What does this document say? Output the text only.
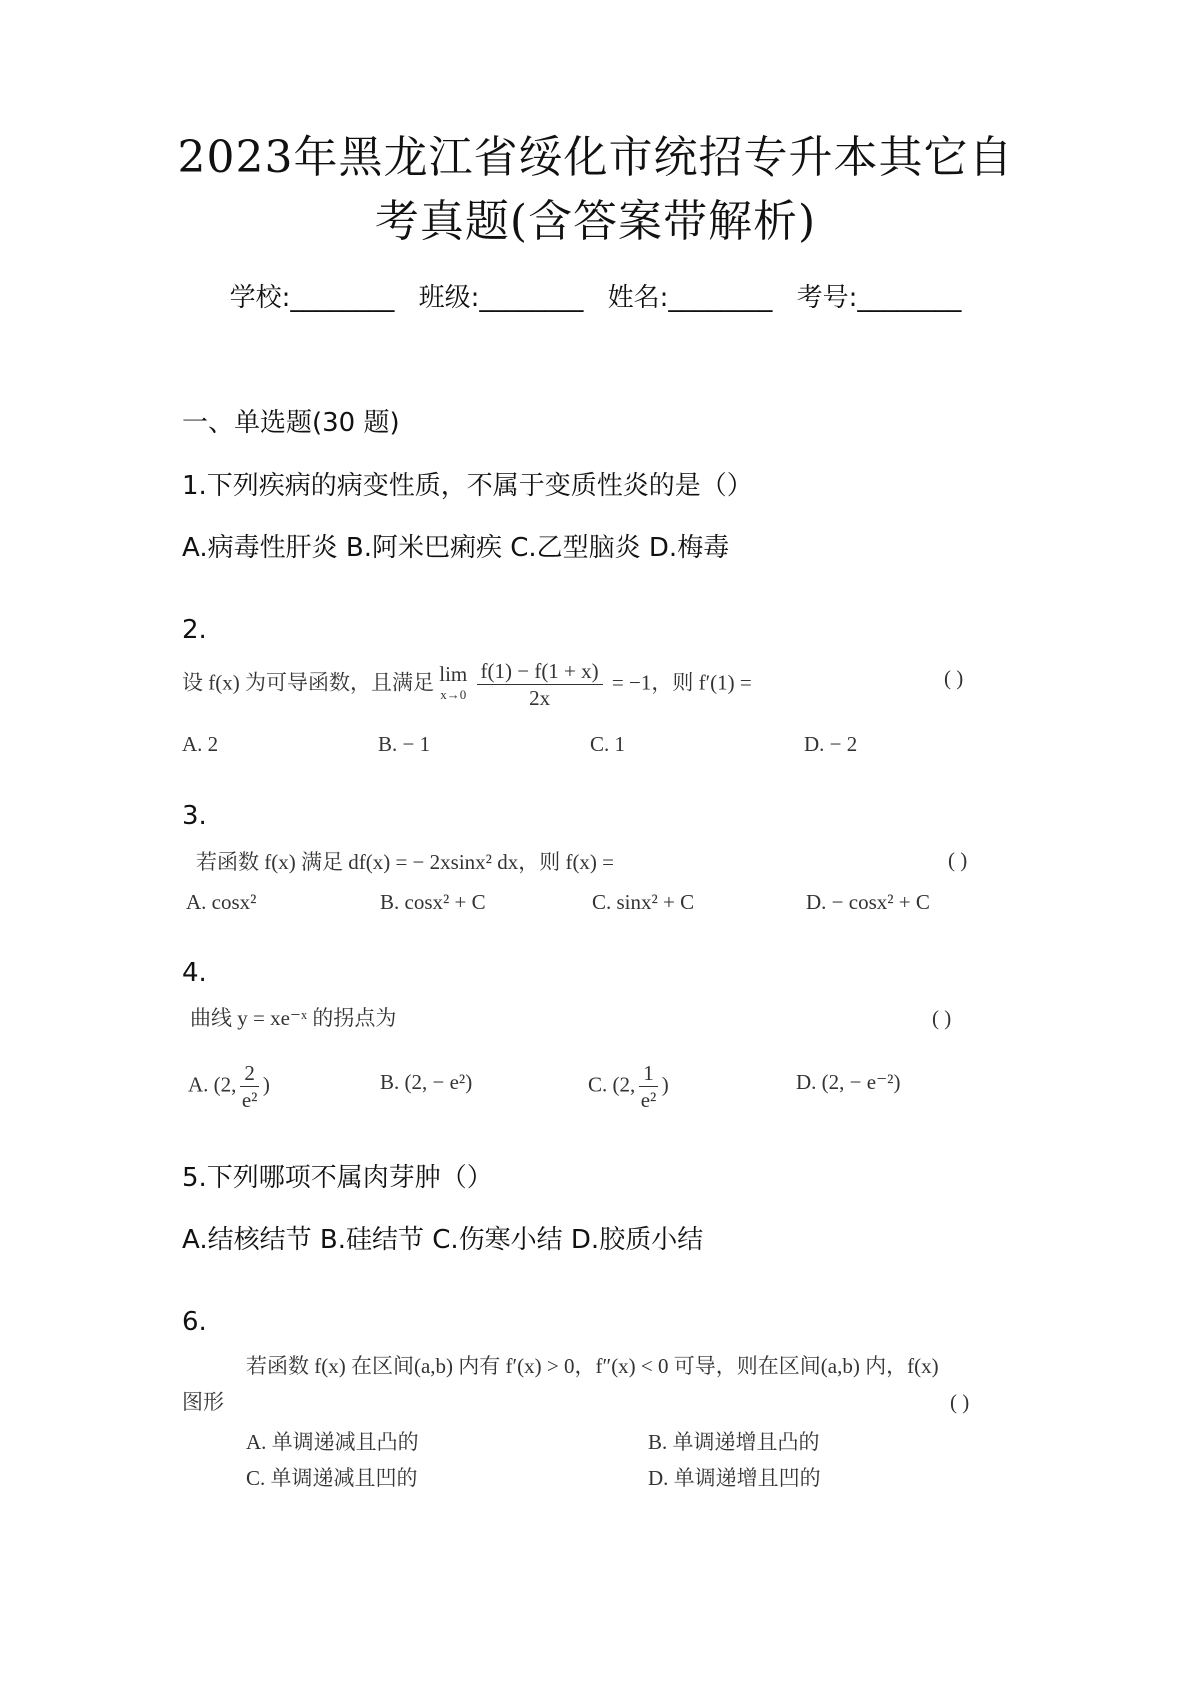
2023年黑龙江省绥化市统招专升本其它自
考真题(含答案带解析)
学校:________ 班级:________ 姓名:________ 考号:________
一、单选题(30 题)
1.下列疾病的病变性质，不属于变质性炎的是（）
A.病毒性肝炎 B.阿米巴痢疾 C.乙型脑炎 D.梅毒
2.
设 f(x) 为可导函数，且满足 lim
$x\to 0 \frac{f(1) - f(1 + x)}{2x} = -1$，则 f′(1) =	( )
A. 2	B. − 1	C. 1	D. − 2
3.
若函数 f(x) 满足 df(x) = − 2xsinx² dx，则 f(x) =	( )
A. cosx²	B. cosx² + C	C. sinx² + C	D. − cosx² + C
4.
曲线 y = xe⁻ˣ 的拐点为	( )
A. (2, $\frac{2}{\text{e²}}$ )	B. (2, − e²)	C. (2, $\frac{1}{\text{e²}}$ )	D. (2, − e⁻²)
5.下列哪项不属肉芽肿（）
A.结核结节 B.硅结节 C.伤寒小结 D.胶质小结
6.
若函数 f(x) 在区间(a,b) 内有 f′(x) > 0，f″(x) < 0 可导，则在区间(a,b) 内，f(x)
图形	( )
A. 单调递减且凸的	B. 单调递增且凸的
C. 单调递减且凹的	D. 单调递增且凹的
